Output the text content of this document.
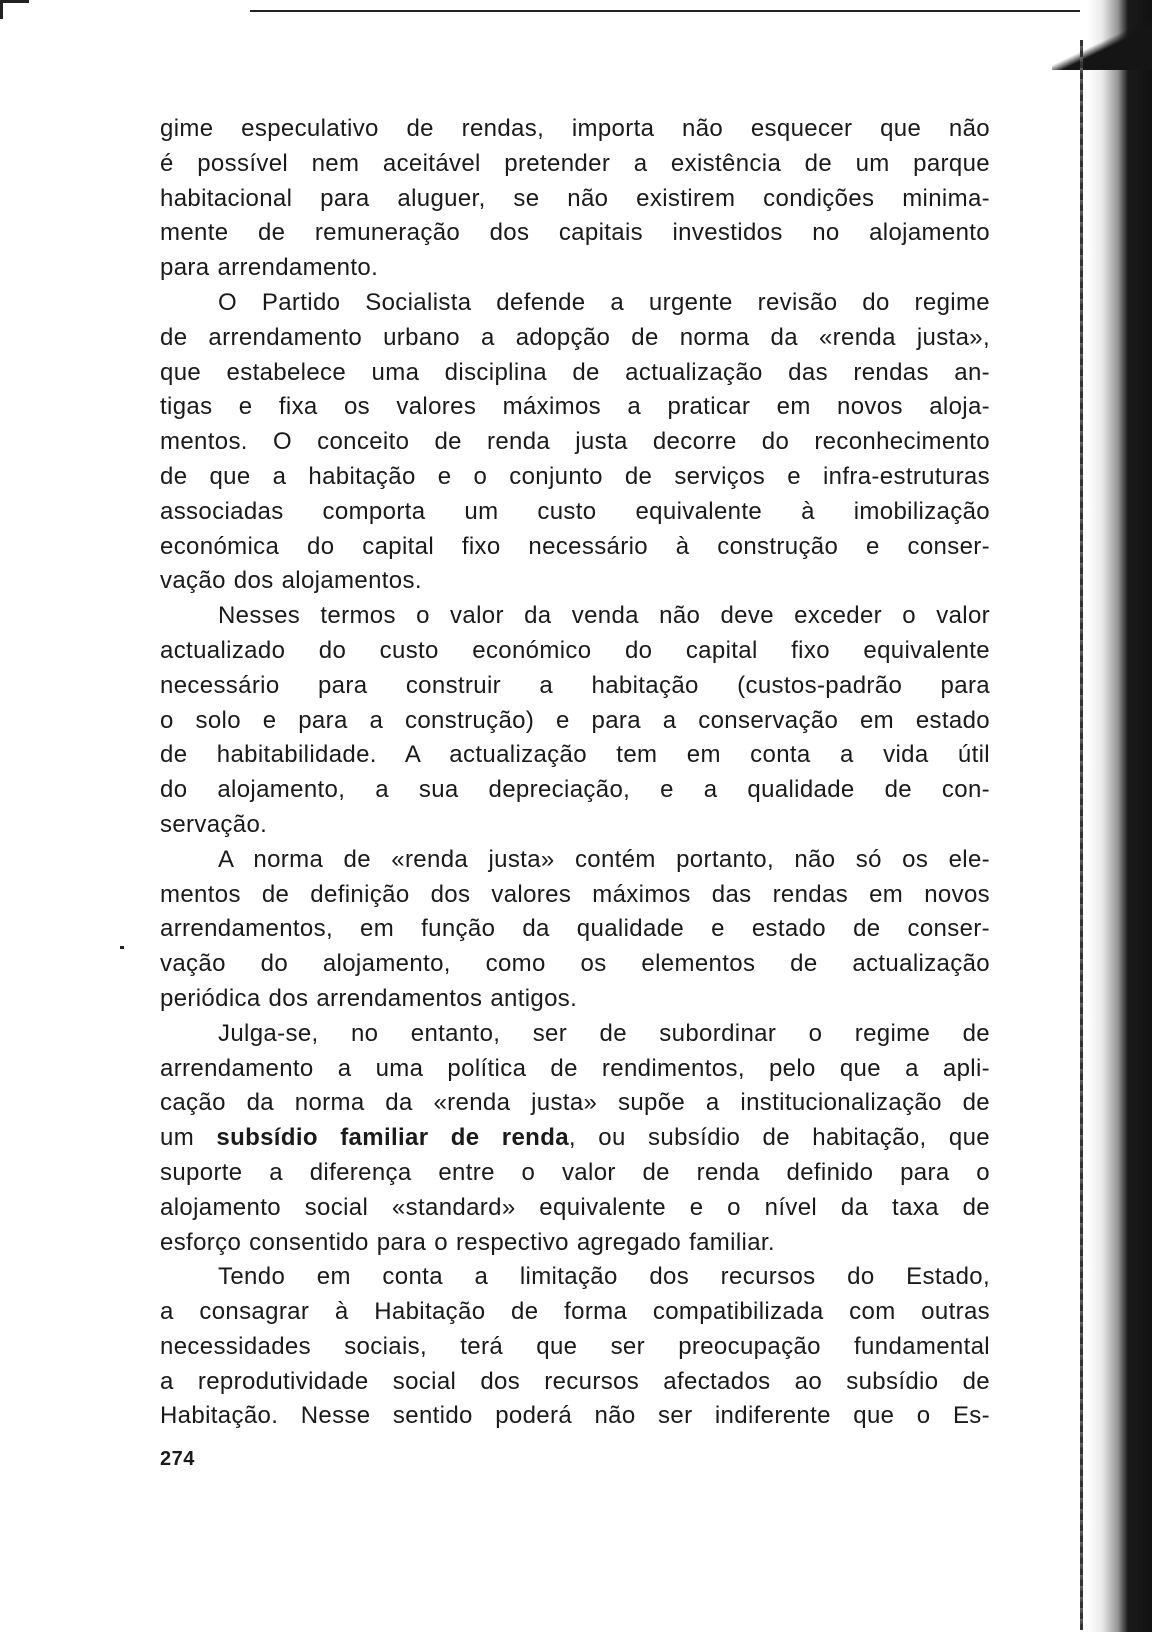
gime especulativo de rendas, importa não esquecer que não
é possível nem aceitável pretender a existência de um parque
habitacional para aluguer, se não existirem condições minima-
mente de remuneração dos capitais investidos no alojamento
para arrendamento.
O Partido Socialista defende a urgente revisão do regime
de arrendamento urbano a adopção de norma da «renda justa»,
que estabelece uma disciplina de actualização das rendas an-
tigas e fixa os valores máximos a praticar em novos aloja-
mentos. O conceito de renda justa decorre do reconhecimento
de que a habitação e o conjunto de serviços e infra-estruturas
associadas comporta um custo equivalente à imobilização
económica do capital fixo necessário à construção e conser-
vação dos alojamentos.
Nesses termos o valor da venda não deve exceder o valor
actualizado do custo económico do capital fixo equivalente
necessário para construir a habitação (custos-padrão para
o solo e para a construção) e para a conservação em estado
de habitabilidade. A actualização tem em conta a vida útil
do alojamento, a sua depreciação, e a qualidade de con-
servação.
A norma de «renda justa» contém portanto, não só os ele-
mentos de definição dos valores máximos das rendas em novos
arrendamentos, em função da qualidade e estado de conser-
vação do alojamento, como os elementos de actualização
periódica dos arrendamentos antigos.
Julga-se, no entanto, ser de subordinar o regime de
arrendamento a uma política de rendimentos, pelo que a apli-
cação da norma da «renda justa» supõe a institucionalização de
um subsídio familiar de renda, ou subsídio de habitação, que
suporte a diferença entre o valor de renda definido para o
alojamento social «standard» equivalente e o nível da taxa de
esforço consentido para o respectivo agregado familiar.
Tendo em conta a limitação dos recursos do Estado,
a consagrar à Habitação de forma compatibilizada com outras
necessidades sociais, terá que ser preocupação fundamental
a reprodutividade social dos recursos afectados ao subsídio de
Habitação. Nesse sentido poderá não ser indiferente que o Es-
274
